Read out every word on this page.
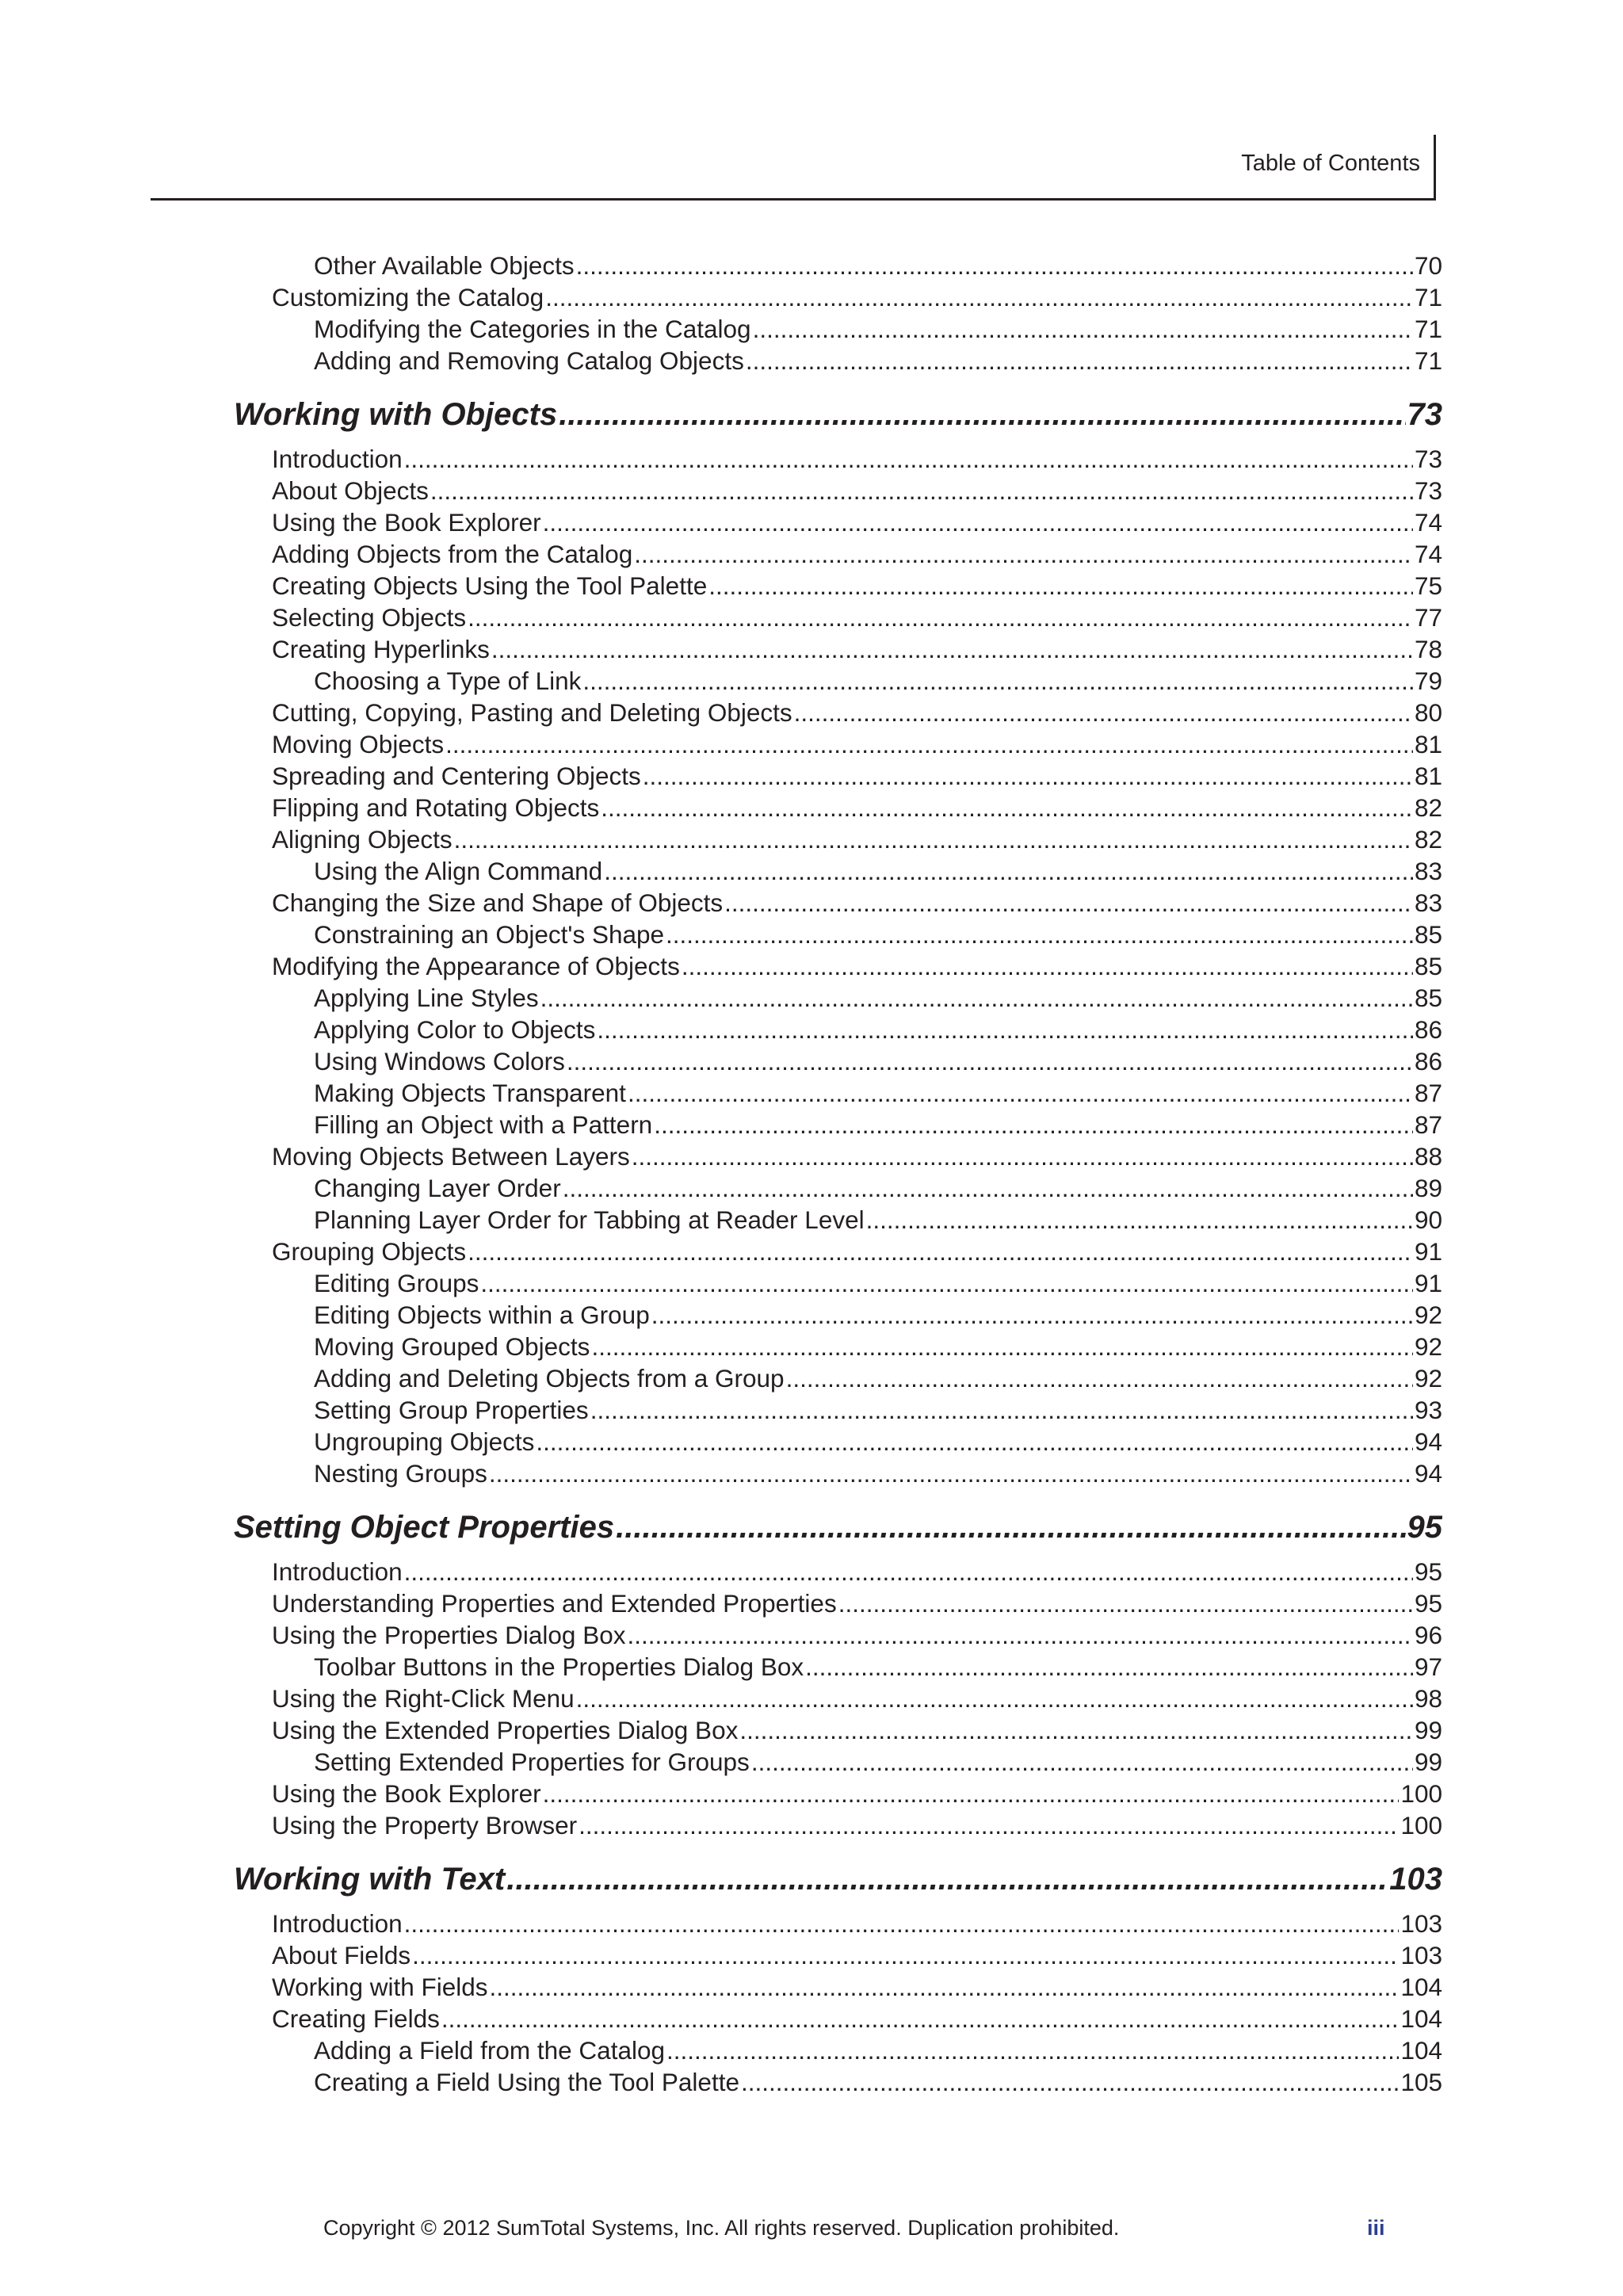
Table of Contents
Other Available Objects .....	70
Customizing the Catalog .....	71
Modifying the Categories in the Catalog .....	71
Adding and Removing Catalog Objects .....	71
Working with Objects .....	73
Introduction .....	73
About Objects .....	73
Using the Book Explorer .....	74
Adding Objects from the Catalog .....	74
Creating Objects Using the Tool Palette .....	75
Selecting Objects .....	77
Creating Hyperlinks .....	78
Choosing a Type of Link .....	79
Cutting, Copying, Pasting and Deleting Objects .....	80
Moving Objects .....	81
Spreading and Centering Objects .....	81
Flipping and Rotating Objects .....	82
Aligning Objects .....	82
Using the Align Command .....	83
Changing the Size and Shape of Objects .....	83
Constraining an Object's Shape .....	85
Modifying the Appearance of Objects .....	85
Applying Line Styles .....	85
Applying Color to Objects .....	86
Using Windows Colors .....	86
Making Objects Transparent .....	87
Filling an Object with a Pattern .....	87
Moving Objects Between Layers .....	88
Changing Layer Order .....	89
Planning Layer Order for Tabbing at Reader Level .....	90
Grouping Objects .....	91
Editing Groups .....	91
Editing Objects within a Group .....	92
Moving Grouped Objects .....	92
Adding and Deleting Objects from a Group .....	92
Setting Group Properties .....	93
Ungrouping Objects .....	94
Nesting Groups .....	94
Setting Object Properties .....	95
Introduction .....	95
Understanding Properties and Extended Properties .....	95
Using the Properties Dialog Box .....	96
Toolbar Buttons in the Properties Dialog Box .....	97
Using the Right-Click Menu .....	98
Using the Extended Properties Dialog Box .....	99
Setting Extended Properties for Groups .....	99
Using the Book Explorer .....	100
Using the Property Browser .....	100
Working with Text .....	103
Introduction .....	103
About Fields .....	103
Working with Fields .....	104
Creating Fields .....	104
Adding a Field from the Catalog .....	104
Creating a Field Using the Tool Palette .....	105
Copyright © 2012 SumTotal Systems, Inc. All rights reserved. Duplication prohibited.	iii
